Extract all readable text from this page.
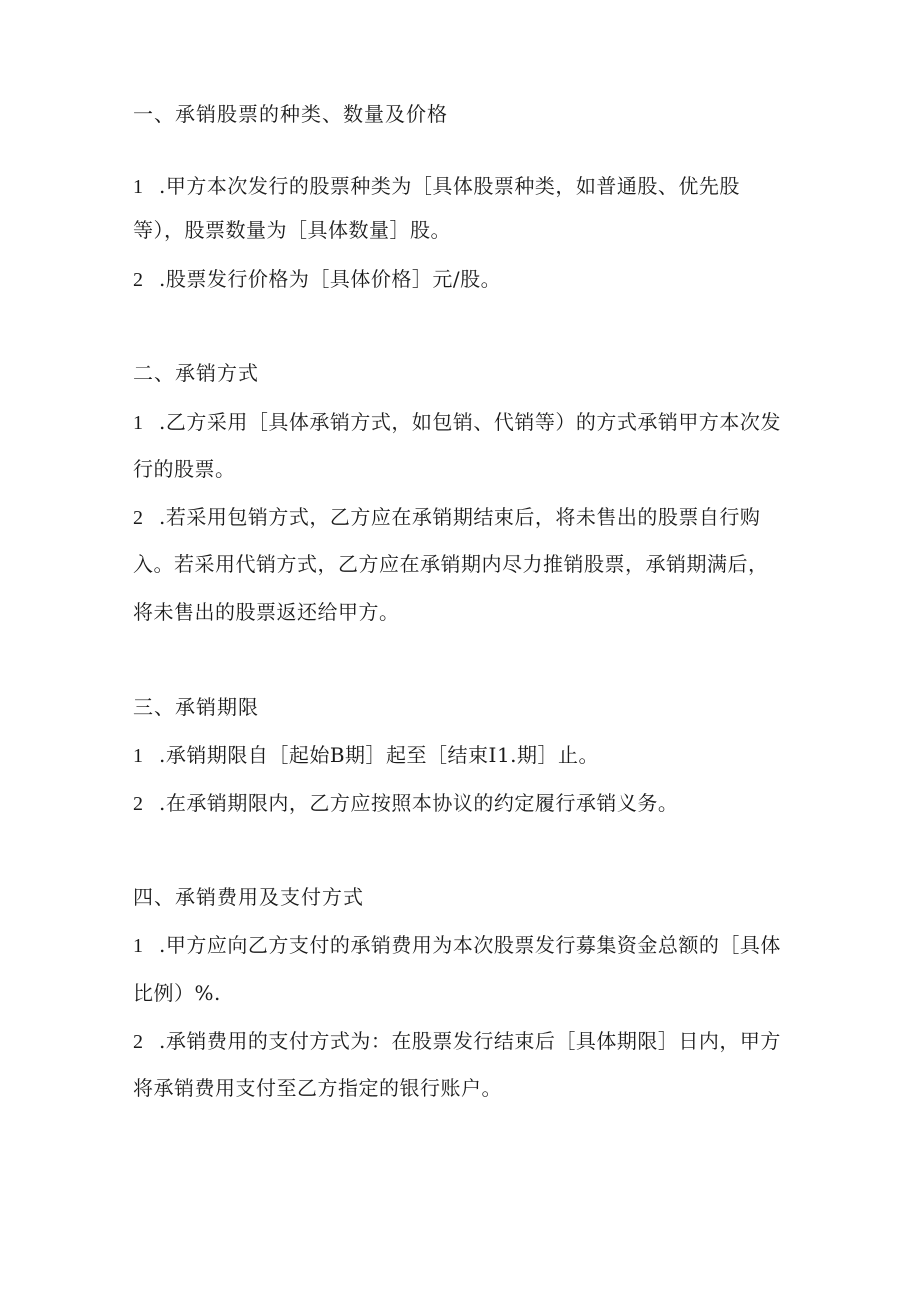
一、承销股票的种类、数量及价格
1 .甲方本次发行的股票种类为［具体股票种类，如普通股、优先股
等），股票数量为［具体数量］股。
2 .股票发行价格为［具体价格］元/股。
二、承销方式
1 .乙方采用［具体承销方式，如包销、代销等）的方式承销甲方本次发
行的股票。
2 .若采用包销方式，乙方应在承销期结束后，将未售出的股票自行购
入。若采用代销方式，乙方应在承销期内尽力推销股票，承销期满后，
将未售出的股票返还给甲方。
三、承销期限
1 .承销期限自［起始B期］起至［结束I1.期］止。
2 .在承销期限内，乙方应按照本协议的约定履行承销义务。
四、承销费用及支付方式
1 .甲方应向乙方支付的承销费用为本次股票发行募集资金总额的［具体
比例）%.
2 .承销费用的支付方式为：在股票发行结束后［具体期限］日内，甲方
将承销费用支付至乙方指定的银行账户。
